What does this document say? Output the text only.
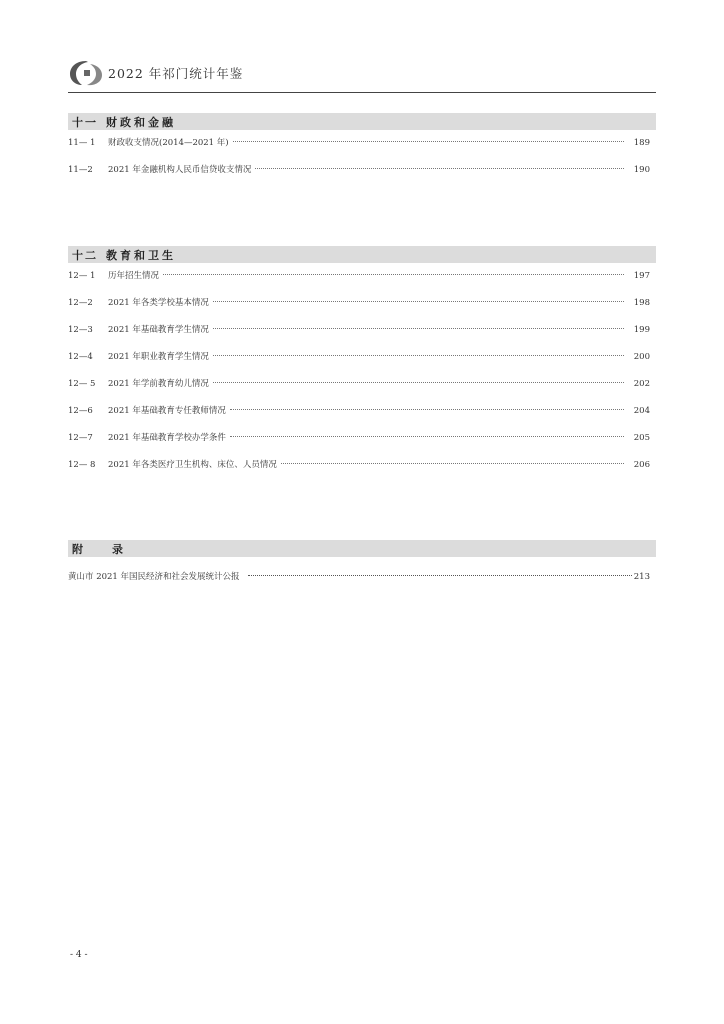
2022 年祁门统计年鉴
十一 财政和金融
11— 1	财政收支情况(2014—2021 年)	189
11—2	2021 年金融机构人民币信贷收支情况	190
十二 教育和卫生
12— 1	历年招生情况	197
12—2	2021 年各类学校基本情况	198
12—3	2021 年基础教育学生情况	199
12—4	2021 年职业教育学生情况	200
12— 5	2021 年学前教育幼儿情况	202
12—6	2021 年基础教育专任教师情况	204
12—7	2021 年基础教育学校办学条件	205
12— 8	2021 年各类医疗卫生机构、床位、人员情况	206
附	录
黄山市 2021 年国民经济和社会发展统计公报	213
- 4 -
